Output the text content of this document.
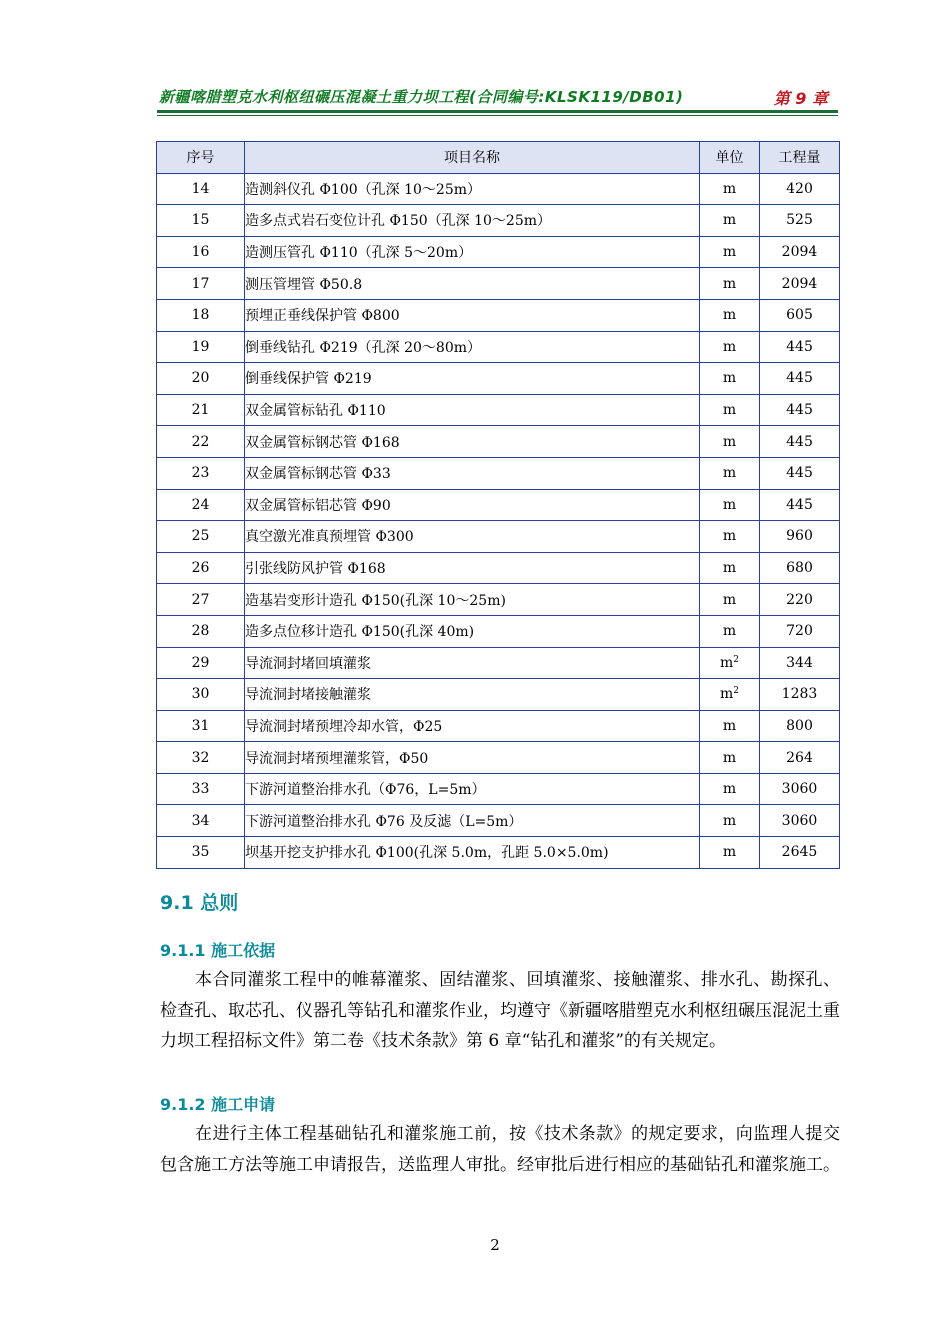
新疆喀腊塑克水利枢纽碾压混凝土重力坝工程(合同编号:KLSK119/DB01)	第 9 章
序号	项目名称	单位	工程量
14	造测斜仪孔 Φ100（孔深 10～25m）	m	420
15	造多点式岩石变位计孔 Φ150（孔深 10～25m）	m	525
16	造测压管孔 Φ110（孔深 5～20m）	m	2094
17	测压管埋管 Φ50.8	m	2094
18	预埋正垂线保护管 Φ800	m	605
19	倒垂线钻孔 Φ219（孔深 20～80m）	m	445
20	倒垂线保护管 Φ219	m	445
21	双金属管标钻孔 Φ110	m	445
22	双金属管标钢芯管 Φ168	m	445
23	双金属管标钢芯管 Φ33	m	445
24	双金属管标铝芯管 Φ90	m	445
25	真空激光准真预埋管 Φ300	m	960
26	引张线防风护管 Φ168	m	680
27	造基岩变形计造孔 Φ150(孔深 10～25m)	m	220
28	造多点位移计造孔 Φ150(孔深 40m)	m	720
29	导流洞封堵回填灌浆	$m^2$	344
30	导流洞封堵接触灌浆	$m^2$	1283
31	导流洞封堵预埋冷却水管，Φ25	m	800
32	导流洞封堵预埋灌浆管，Φ50	m	264
33	下游河道整治排水孔（Φ76，L=5m）	m	3060
34	下游河道整治排水孔 Φ76 及反滤（L=5m）	m	3060
35	坝基开挖支护排水孔 Φ100(孔深 5.0m，孔距 5.0×5.0m)	m	2645
9.1 总则
9.1.1 施工依据
本合同灌浆工程中的帷幕灌浆、固结灌浆、回填灌浆、接触灌浆、排水孔、勘探孔、检查孔、取芯孔、仪器孔等钻孔和灌浆作业，均遵守《新疆喀腊塑克水利枢纽碾压混泥土重力坝工程招标文件》第二卷《技术条款》第 6 章“钻孔和灌浆”的有关规定。
9.1.2 施工申请
在进行主体工程基础钻孔和灌浆施工前，按《技术条款》的规定要求，向监理人提交包含施工方法等施工申请报告，送监理人审批。经审批后进行相应的基础钻孔和灌浆施工。
2
